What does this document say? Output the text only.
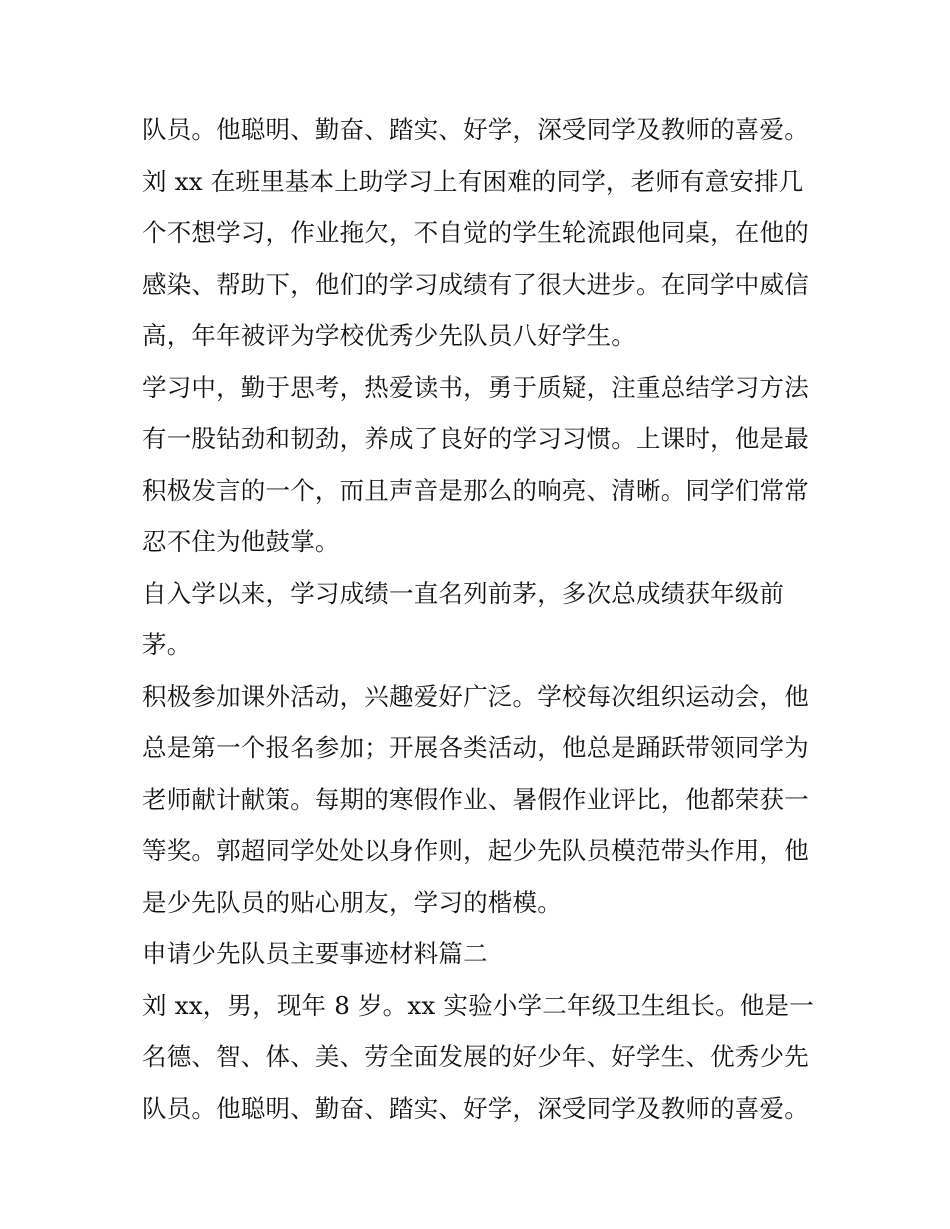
队员。他聪明、勤奋、踏实、好学，深受同学及教师的喜爱。
刘 xx 在班里基本上助学习上有困难的同学，老师有意安排几
个不想学习，作业拖欠，不自觉的学生轮流跟他同桌，在他的
感染、帮助下，他们的学习成绩有了很大进步。在同学中威信
高，年年被评为学校优秀少先队员八好学生。
学习中，勤于思考，热爱读书，勇于质疑，注重总结学习方法
有一股钻劲和韧劲，养成了良好的学习习惯。上课时，他是最
积极发言的一个，而且声音是那么的响亮、清晰。同学们常常
忍不住为他鼓掌。
自入学以来，学习成绩一直名列前茅，多次总成绩获年级前
茅。
积极参加课外活动，兴趣爱好广泛。学校每次组织运动会，他
总是第一个报名参加；开展各类活动，他总是踊跃带领同学为
老师献计献策。每期的寒假作业、暑假作业评比，他都荣获一
等奖。郭超同学处处以身作则，起少先队员模范带头作用，他
是少先队员的贴心朋友，学习的楷模。
申请少先队员主要事迹材料篇二
刘 xx，男，现年 8 岁。xx 实验小学二年级卫生组长。他是一
名德、智、体、美、劳全面发展的好少年、好学生、优秀少先
队员。他聪明、勤奋、踏实、好学，深受同学及教师的喜爱。
